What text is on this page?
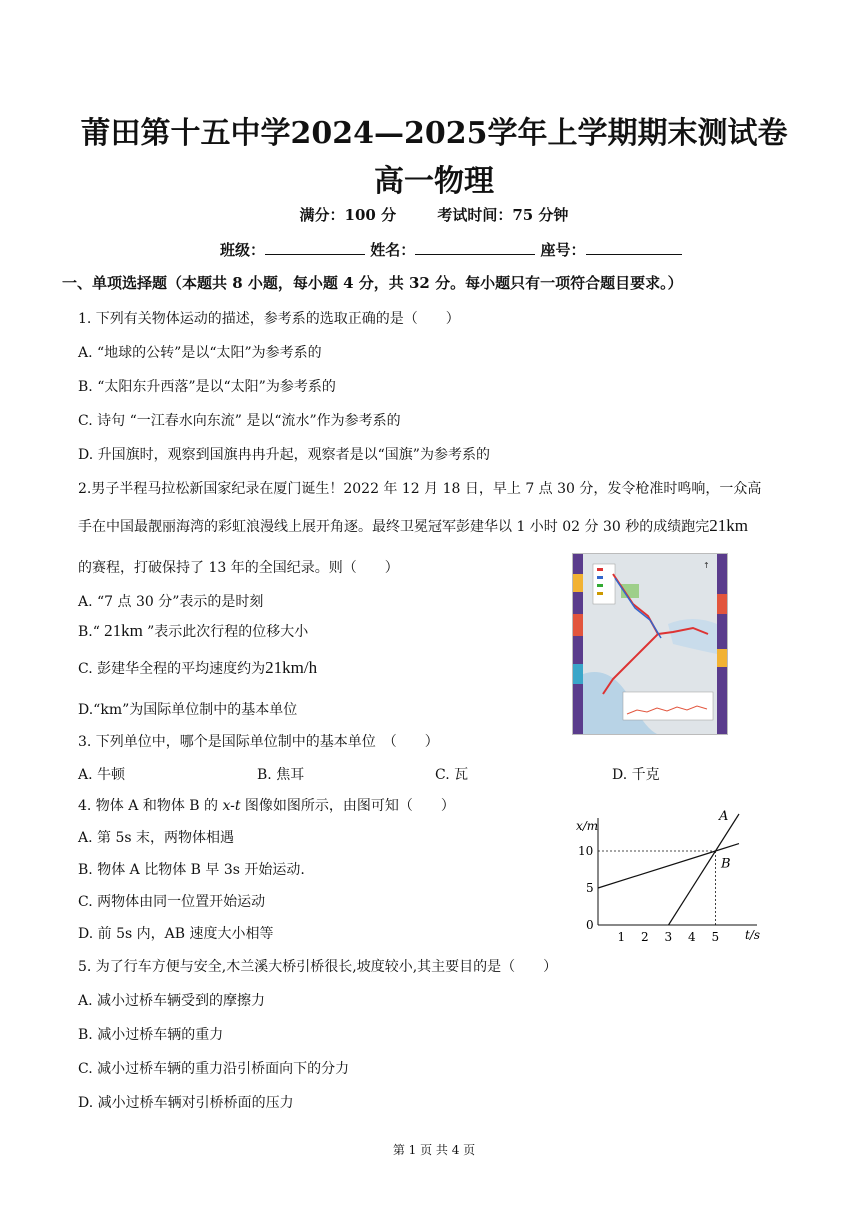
莆田第十五中学2024—2025学年上学期期末测试卷
高一物理
满分：100 分	考试时间：75 分钟
班级：	姓名：	座号：
一、单项选择题（本题共 8 小题，每小题 4 分，共 32 分。每小题只有一项符合题目要求。）
1. 下列有关物体运动的描述，参考系的选取正确的是（　　）
A. “地球的公转”是以“太阳”为参考系的
B. “太阳东升西落”是以“太阳”为参考系的
C. 诗句 “一江春水向东流” 是以“流水”作为参考系的
D. 升国旗时，观察到国旗冉冉升起，观察者是以“国旗”为参考系的
2.男子半程马拉松新国家纪录在厦门诞生！2022 年 12 月 18 日，早上 7 点 30 分，发令枪准时鸣响，一众高
手在中国最靓丽海湾的彩虹浪漫线上展开角逐。最终卫冕冠军彭建华以 1 小时 02 分 30 秒的成绩跑完21km
的赛程，打破保持了 13 年的全国纪录。则（　　）
A. “7 点 30 分”表示的是时刻
B.“ 21km ”表示此次行程的位移大小
C. 彭建华全程的平均速度约为21km/h
D.“km”为国际单位制中的基本单位
↑
3. 下列单位中，哪个是国际单位制中的基本单位　（　　）
A. 牛顿	B. 焦耳	C. 瓦	D. 千克
4. 物体 A 和物体 B 的 x-t 图像如图所示，由图可知（　　）
A. 第 5s 末，两物体相遇
B. 物体 A 比物体 B 早 3s 开始运动.
C. 两物体由同一位置开始运动
D. 前 5s 内，AB 速度大小相等	t/s
x/m
1 2 3 4 5
0
5
10
A
B
5. 为了行车方便与安全,木兰溪大桥引桥很长,坡度较小,其主要目的是（　　）
A. 减小过桥车辆受到的摩擦力
B. 减小过桥车辆的重力
C. 减小过桥车辆的重力沿引桥面向下的分力
D. 减小过桥车辆对引桥桥面的压力
第 1 页 共 4 页
